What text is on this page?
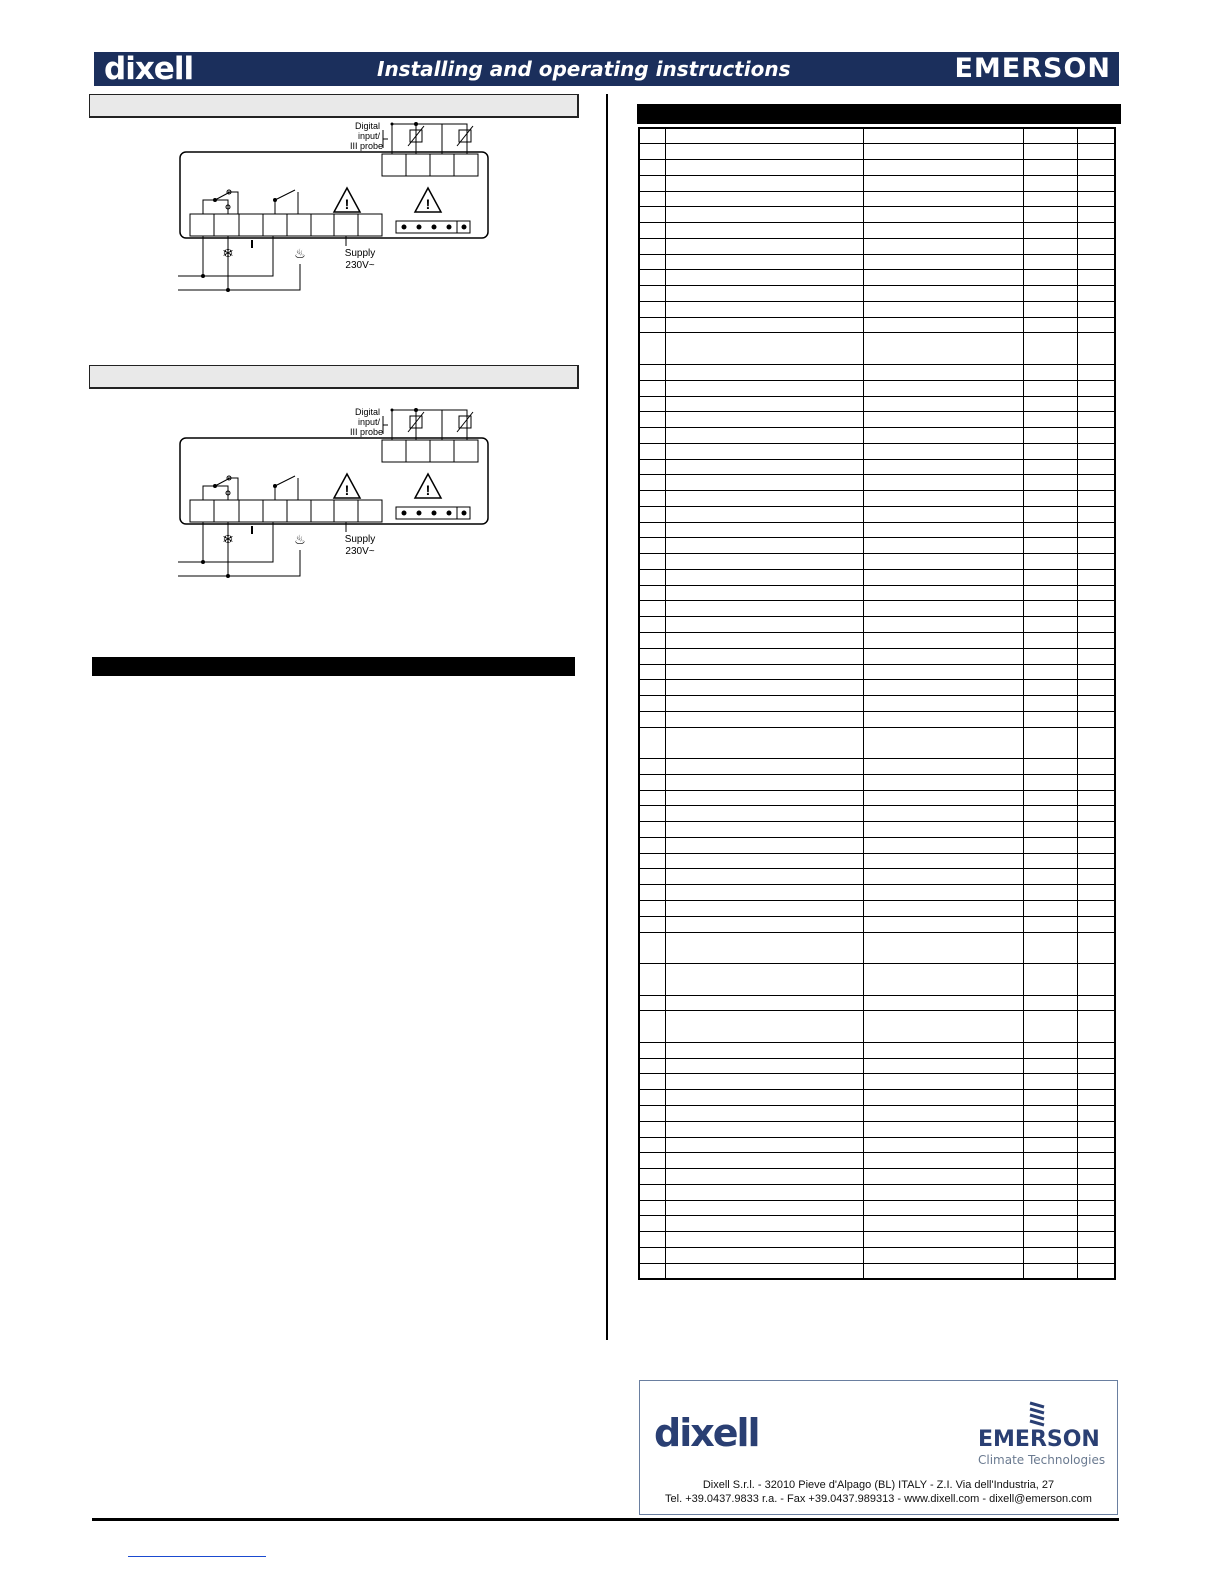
dixell	Installing and operating instructions	EMERSON
Digital
input/
III probe
!	!
❄	♨	Supply
230V~
Digital
input/
III probe
!	!
❄	♨	Supply
230V~

dixell	EMERSON
Climate Technologies
Dixell S.r.l. - 32010 Pieve d'Alpago (BL) ITALY - Z.I. Via dell'Industria, 27
Tel. +39.0437.9833 r.a. - Fax +39.0437.989313 - www.dixell.com - dixell@emerson.com
